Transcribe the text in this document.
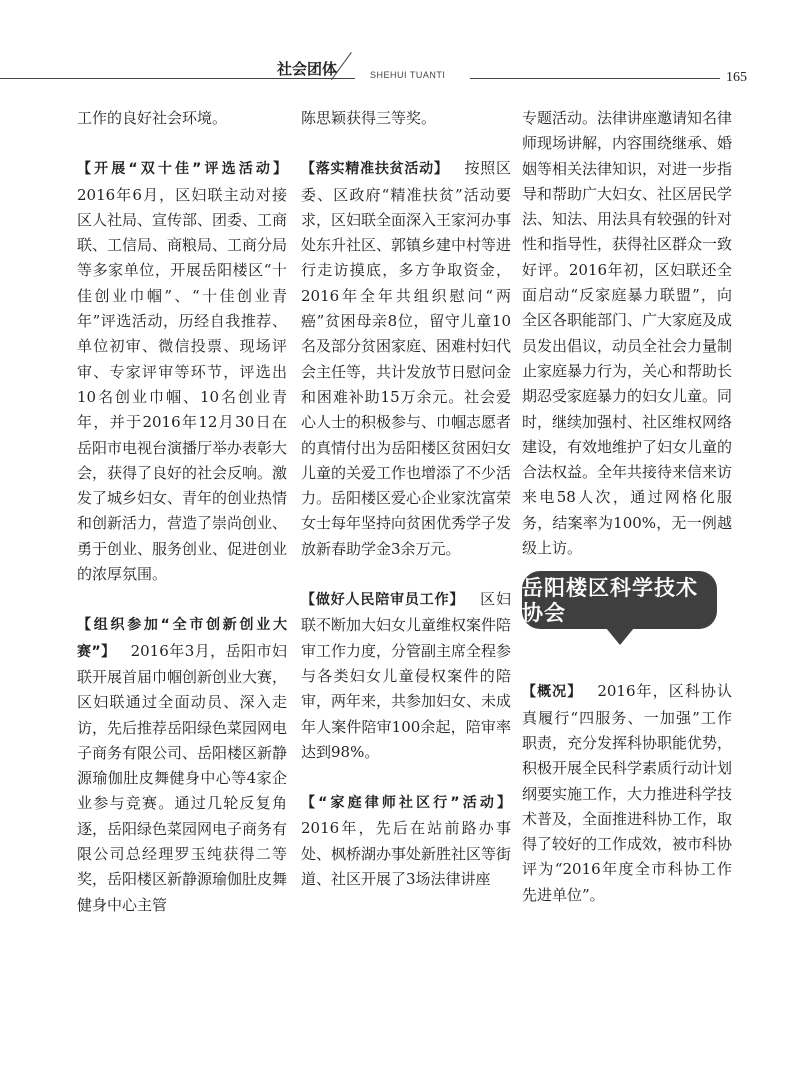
社会团体	SHEHUI TUANTI	165

工作的良好社会环境。

【开展“双十佳”评选活动】2016年6月，区妇联主动对接区人社局、宣传部、团委、工商联、工信局、商粮局、工商分局等多家单位，开展岳阳楼区“十佳创业巾帼”、“十佳创业青年”评选活动，历经自我推荐、单位初审、微信投票、现场评审、专家评审等环节，评选出10名创业巾帼、10名创业青年，并于2016年12月30日在岳阳市电视台演播厅举办表彰大会，获得了良好的社会反响。激发了城乡妇女、青年的创业热情和创新活力，营造了崇尚创业、勇于创业、服务创业、促进创业的浓厚氛围。

【组织参加“全市创新创业大赛”】  2016年3月，岳阳市妇联开展首届巾帼创新创业大赛，区妇联通过全面动员、深入走访，先后推荐岳阳绿色菜园网电子商务有限公司、岳阳楼区新静源瑜伽肚皮舞健身中心等4家企业参与竞赛。通过几轮反复角逐，岳阳绿色菜园网电子商务有限公司总经理罗玉纯获得二等奖，岳阳楼区新静源瑜伽肚皮舞健身中心主管

陈思颖获得三等奖。

【落实精准扶贫活动】  按照区委、区政府“精准扶贫”活动要求，区妇联全面深入王家河办事处东升社区、郭镇乡建中村等进行走访摸底，多方争取资金，2016年全年共组织慰问“两癌”贫困母亲8位，留守儿童10名及部分贫困家庭、困难村妇代会主任等，共计发放节日慰问金和困难补助15万余元。社会爱心人士的积极参与、巾帼志愿者的真情付出为岳阳楼区贫困妇女儿童的关爱工作也增添了不少活力。岳阳楼区爱心企业家沈富荣女士每年坚持向贫困优秀学子发放新春助学金3余万元。

【做好人民陪审员工作】  区妇联不断加大妇女儿童维权案件陪审工作力度，分管副主席全程参与各类妇女儿童侵权案件的陪审，两年来，共参加妇女、未成年人案件陪审100余起，陪审率达到98%。

【“家庭律师社区行”活动】2016年，先后在站前路办事处、枫桥湖办事处新胜社区等街道、社区开展了3场法律讲座

专题活动。法律讲座邀请知名律师现场讲解，内容围绕继承、婚姻等相关法律知识，对进一步指导和帮助广大妇女、社区居民学法、知法、用法具有较强的针对性和指导性，获得社区群众一致好评。2016年初，区妇联还全面启动“反家庭暴力联盟”，向全区各职能部门、广大家庭及成员发出倡议，动员全社会力量制止家庭暴力行为，关心和帮助长期忍受家庭暴力的妇女儿童。同时，继续加强村、社区维权网络建设，有效地维护了妇女儿童的合法权益。全年共接待来信来访来电58人次，通过网格化服务，结案率为100%，无一例越级上访。

岳阳楼区科学技术协会

【概况】  2016年，区科协认真履行“四服务、一加强”工作职责，充分发挥科协职能优势，积极开展全民科学素质行动计划纲要实施工作，大力推进科学技术普及，全面推进科协工作，取得了较好的工作成效，被市科协评为“2016年度全市科协工作先进单位”。
